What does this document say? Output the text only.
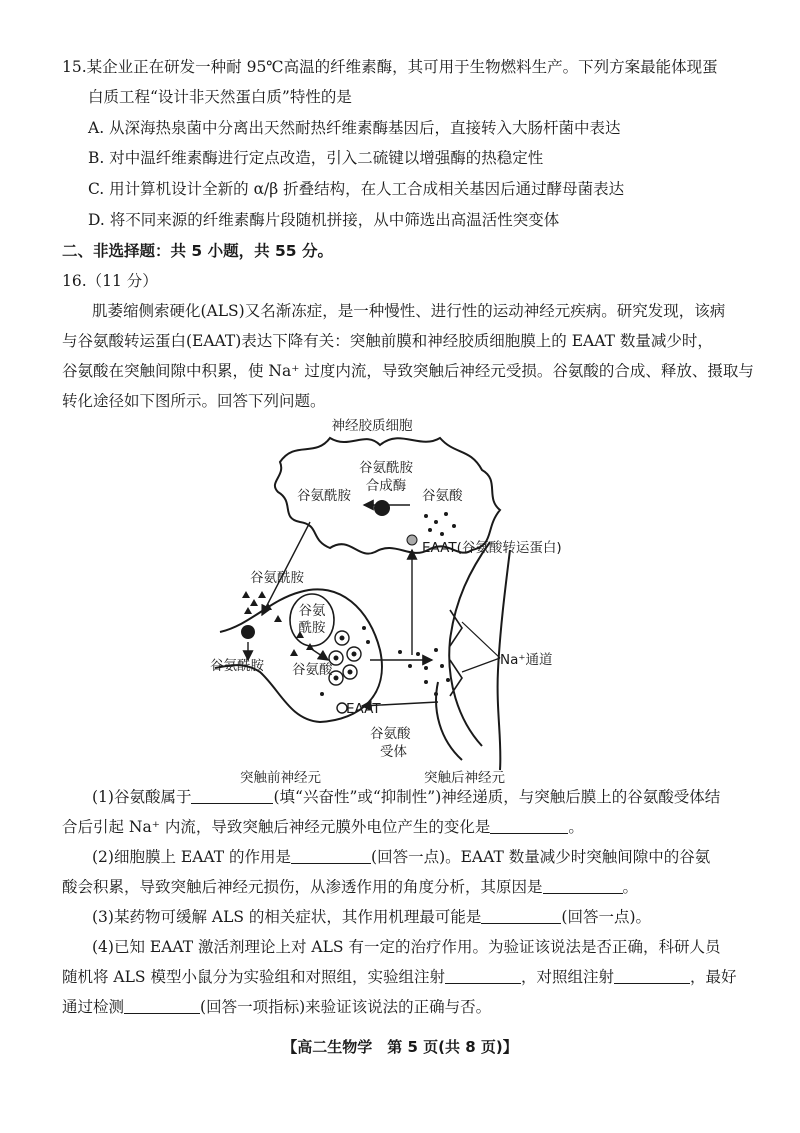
15.某企业正在研发一种耐 95℃高温的纤维素酶，其可用于生物燃料生产。下列方案最能体现蛋
白质工程“设计非天然蛋白质”特性的是
A. 从深海热泉菌中分离出天然耐热纤维素酶基因后，直接转入大肠杆菌中表达
B. 对中温纤维素酶进行定点改造，引入二硫键以增强酶的热稳定性
C. 用计算机设计全新的 α/β 折叠结构，在人工合成相关基因后通过酵母菌表达
D. 将不同来源的纤维素酶片段随机拼接，从中筛选出高温活性突变体
二、非选择题：共 5 小题，共 55 分。
16.（11 分）
肌萎缩侧索硬化(ALS)又名渐冻症，是一种慢性、进行性的运动神经元疾病。研究发现，该病
与谷氨酸转运蛋白(EAAT)表达下降有关：突触前膜和神经胶质细胞膜上的 EAAT 数量减少时，
谷氨酸在突触间隙中积累，使 Na⁺ 过度内流，导致突触后神经元受损。谷氨酸的合成、释放、摄取与
转化途径如下图所示。回答下列问题。
神经胶质细胞
谷氨酰胺
合成酶
谷氨酰胺	谷氨酸
EAAT(谷氨酸转运蛋白)
谷氨酰胺
谷氨
酰胺
谷氨酰胺 谷氨酸
EAAT
Na⁺通道
谷氨酸
受体
突触前神经元	突触后神经元
(1)谷氨酸属于	(填“兴奋性”或“抑制性”)神经递质，与突触后膜上的谷氨酸受体结
合后引起 Na⁺ 内流，导致突触后神经元膜外电位产生的变化是	。
(2)细胞膜上 EAAT 的作用是	(回答一点)。EAAT 数量减少时突触间隙中的谷氨
酸会积累，导致突触后神经元损伤，从渗透作用的角度分析，其原因是	。
(3)某药物可缓解 ALS 的相关症状，其作用机理最可能是	(回答一点)。
(4)已知 EAAT 激活剂理论上对 ALS 有一定的治疗作用。为验证该说法是否正确，科研人员
随机将 ALS 模型小鼠分为实验组和对照组，实验组注射	，对照组注射	，最好
通过检测	(回答一项指标)来验证该说法的正确与否。
【高二生物学　第 5 页(共 8 页)】
